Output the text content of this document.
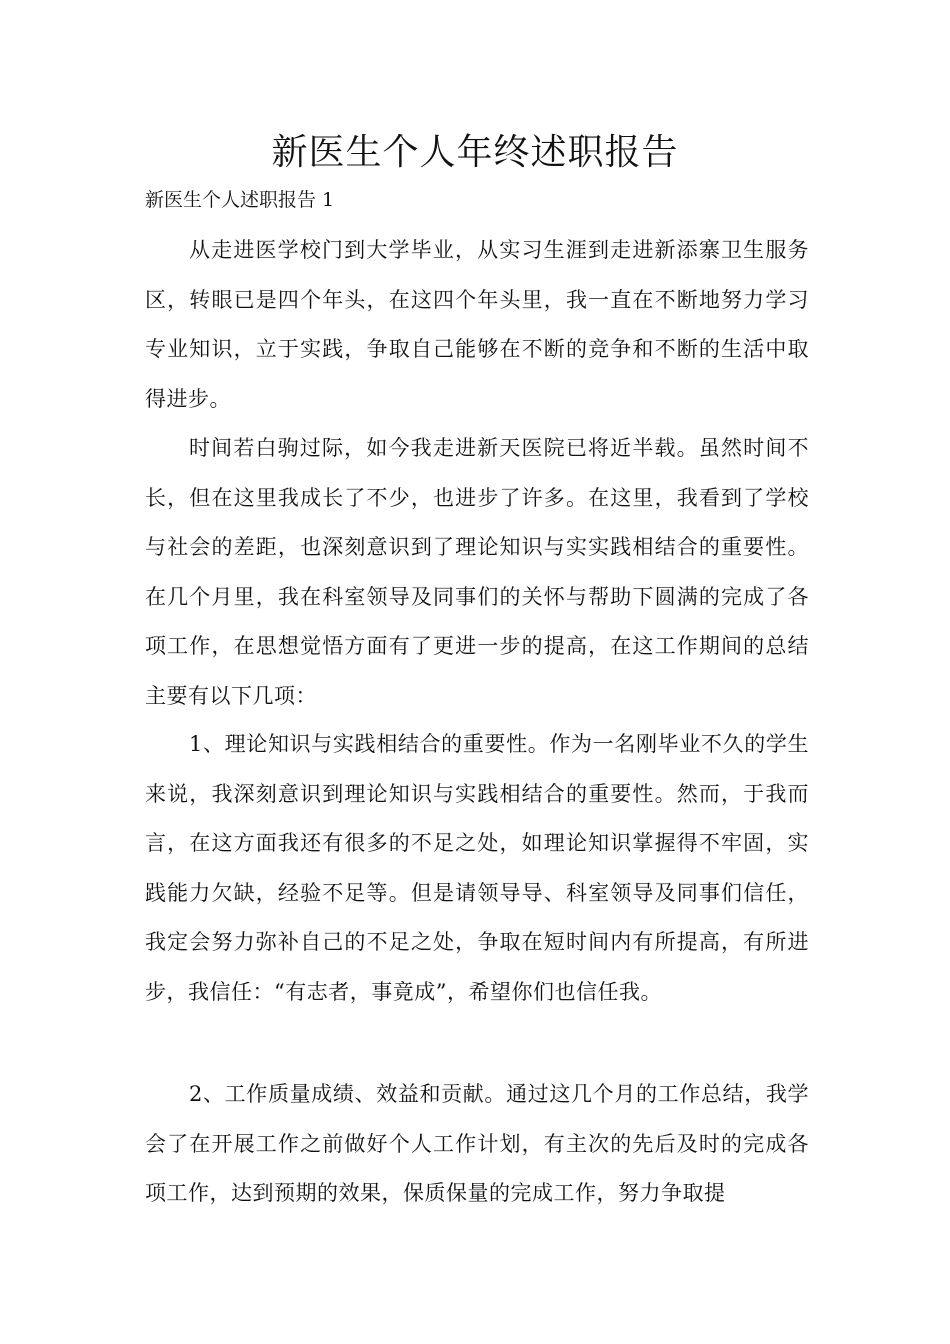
新医生个人年终述职报告

新医生个人述职报告 1

从走进医学校门到大学毕业，从实习生涯到走进新添寨卫生服务区，转眼已是四个年头，在这四个年头里，我一直在不断地努力学习专业知识，立于实践，争取自己能够在不断的竞争和不断的生活中取得进步。

时间若白驹过际，如今我走进新天医院已将近半载。虽然时间不长，但在这里我成长了不少，也进步了许多。在这里，我看到了学校与社会的差距，也深刻意识到了理论知识与实实践相结合的重要性。在几个月里，我在科室领导及同事们的关怀与帮助下圆满的完成了各项工作，在思想觉悟方面有了更进一步的提高，在这工作期间的总结主要有以下几项：

1、理论知识与实践相结合的重要性。作为一名刚毕业不久的学生来说，我深刻意识到理论知识与实践相结合的重要性。然而，于我而言，在这方面我还有很多的不足之处，如理论知识掌握得不牢固，实践能力欠缺，经验不足等。但是请领导导、科室领导及同事们信任，我定会努力弥补自己的不足之处，争取在短时间内有所提高，有所进步，我信任：“有志者，事竟成”，希望你们也信任我。

2、工作质量成绩、效益和贡献。通过这几个月的工作总结，我学会了在开展工作之前做好个人工作计划，有主次的先后及时的完成各项工作，达到预期的效果，保质保量的完成工作，努力争取提
